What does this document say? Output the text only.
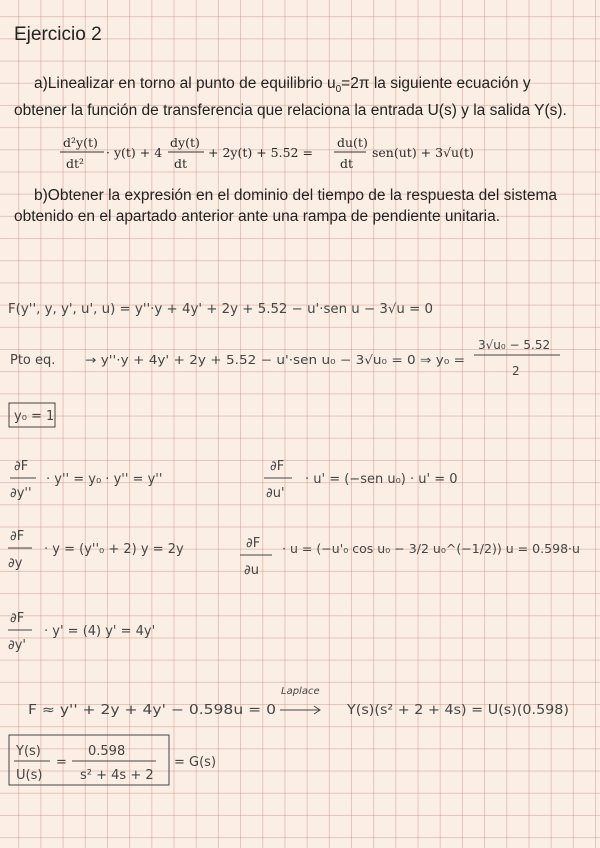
Ejercicio 2

a)Linealizar en torno al punto de equilibrio $u_0=2\pi$ la siguiente ecuación y obtener la función de transferencia que relaciona la entrada U(s) y la salida Y(s).

b)Obtener la expresión en el dominio del tiempo de la respuesta del sistema obtenido en el apartado anterior ante una rampa de pendiente unitaria.

d²y(t)
dt²
· y(t) + 4
dy(t)
dt
+ 2y(t) + 5.52 =
du(t)
dt
sen(ut) + 3√u(t)
F(y'', y, y', u', u) = y''·y + 4y' + 2y + 5.52 − u'·sen u − 3√u = 0
Pto eq. → y''·y + 4y' + 2y + 5.52 − u'·sen u₀ − 3√u₀ = 0 ⇒ y₀ =
3√u₀ − 5.52
2
y₀ = 1
∂F
∂y''
· y'' = y₀ · y'' = y''
∂F
∂u'
· u' = (−sen u₀) · u' = 0
∂F
∂y
· y = (y''₀ + 2) y = 2y	∂F
∂u
· u = (−u'₀ cos u₀ − 3/2 u₀^(−1/2)) u = 0.598·u
∂F
∂y'
· y' = (4) y' = 4y'
F ≈ y'' + 2y + 4y' − 0.598u = 0
Laplace
Y(s)(s² + 2 + 4s) = U(s)(0.598)
Y(s)
U(s)
=
0.598
s² + 4s + 2
= G(s)
